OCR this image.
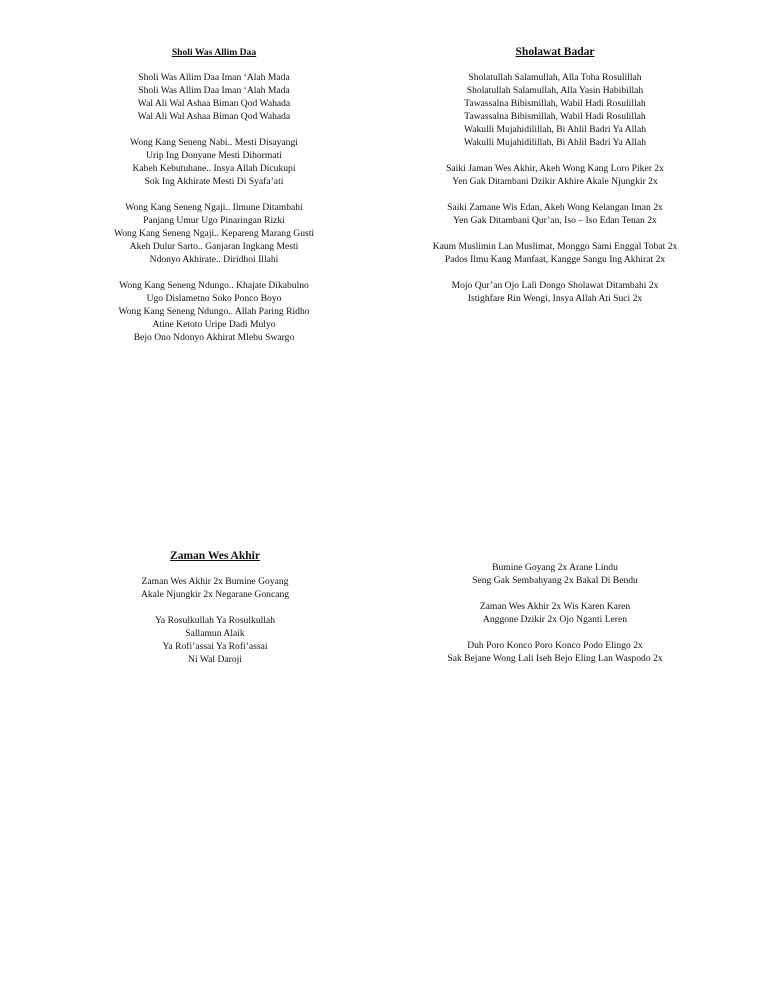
Sholi Was Allim Daa
Sholi Was Allim Daa Iman ‘Alah Mada
Sholi Was Allim Daa Iman ‘Alah Mada
Wal Ali Wal Ashaa Biman Qod Wahada
Wal Ali Wal Ashaa Biman Qod Wahada
Wong Kang Seneng Nabi.. Mesti Disayangi
Urip Ing Donyane Mesti Dihormati
Kabeh Kebutuhane.. Insya Allah Dicukupi
Sok Ing Akhirate Mesti Di Syafa’ati
Wong Kang Seneng Ngaji.. Ilmune Ditambahi
Panjang Umur Ugo Pinaringan Rizki
Wong Kang Seneng Ngaji.. Kepareng Marang Gusti
Akeh Dulur Sarto.. Ganjaran Ingkang Mesti
Ndonyo Akhirate.. Diridhoi Illahi
Wong Kang Seneng Ndungo.. Khajate Dikabulno
Ugo Dislametno Soko Ponco Boyo
Wong Kang Seneng Ndungo.. Allah Paring Ridho
Atine Ketoto Uripe Dadi Mulyo
Bejo Ono Ndonyo Akhirat Mlebu Swargo
Sholawat Badar
Sholatullah Salamullah, Alla Toha Rosulillah
Sholatullah Salamullah, Alla Yasin Habibillah
Tawassalna Bibismillah, Wabil Hadi Rosulillah
Tawassalna Bibismillah, Wabil Hadi Rosulillah
Wakulli Mujahidilillah, Bi Ahlil Badri Ya Allah
Wakulli Mujahidilillah, Bi Ahlil Badri Ya Allah
Saiki Jaman Wes Akhir, Akeh Wong Kang Loro Piker 2x
Yen Gak Ditambani Dzikir Akhire Akale Njungkir 2x
Saiki Zamane Wis Edan, Akeh Wong Kelangan Iman 2x
Yen Gak Ditambani Qur’an, Iso – Iso Edan Tenan 2x
Kaum Muslimin Lan Muslimat, Monggo Sami Enggal Tobat 2x
Pados Ilmu Kang Manfaat, Kangge Sangu Ing Akhirat 2x
Mojo Qur’an Ojo Lali Dongo Sholawat Ditambahi 2x
Istighfare Rin Wengi, Insya Allah Ati Suci 2x
Zaman Wes Akhir
Zaman Wes Akhir 2x Bumine Goyang
Akale Njungkir 2x Negarane Goncang
Ya Rosulkullah Ya Rosulkullah
Sallamun Alaik
Ya Rofi’assai Ya Rofi’assai
Ni Wal Daroji
Bumine Goyang 2x Arane Lindu
Seng Gak Sembahyang 2x Bakal Di Bendu
Zaman Wes Akhir 2x Wis Karen Karen
Anggone Dzikir 2x Ojo Nganti Leren
Duh Poro Konco Poro Konco Podo Elingo 2x
Sak Bejane Wong Lali Iseh Bejo Eling Lan Waspodo 2x
